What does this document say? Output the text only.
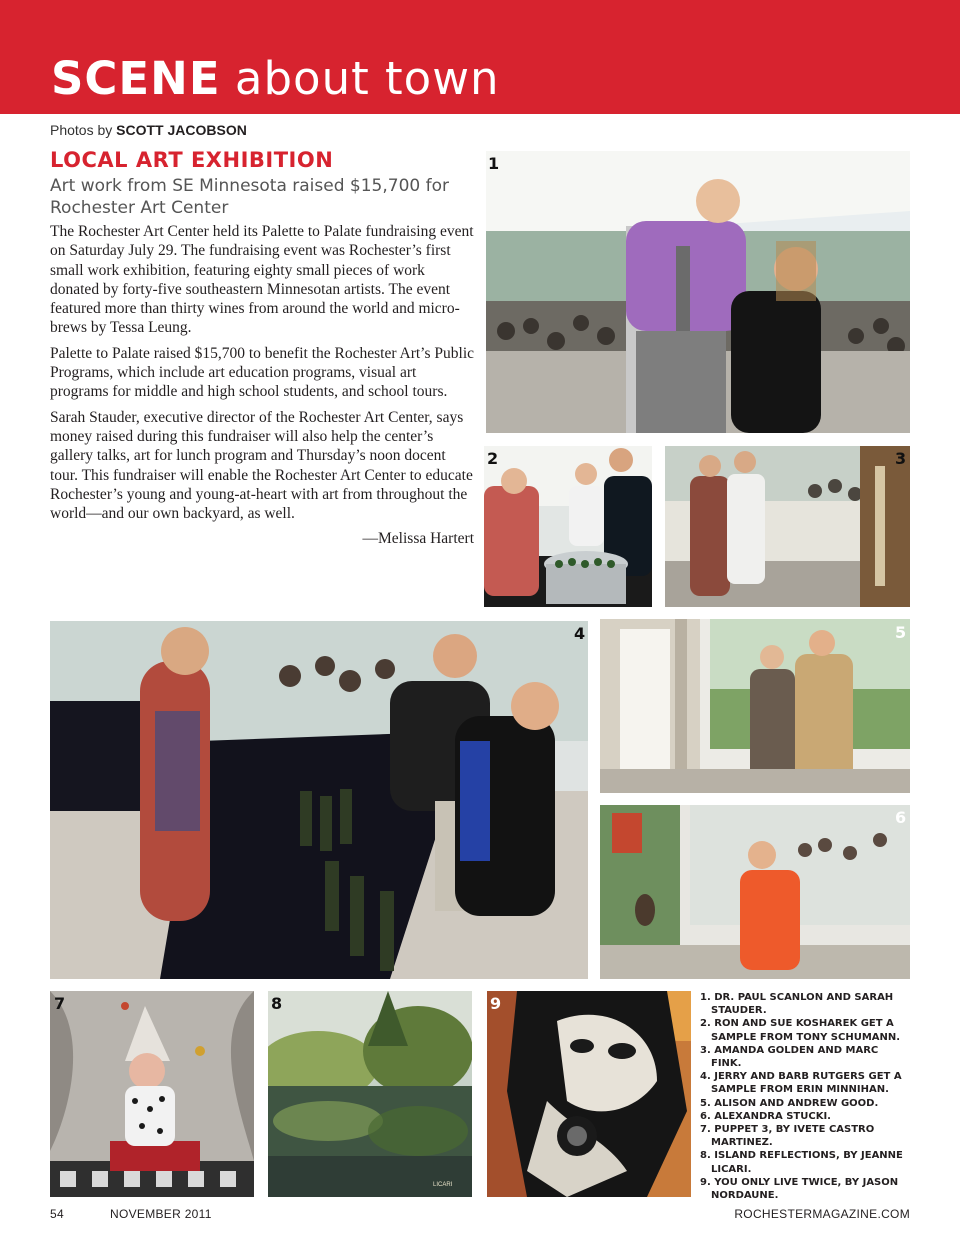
SCENE about town
Photos by SCOTT JACOBSON
LOCAL ART EXHIBITION
Art work from SE Minnesota raised $15,700 for Rochester Art Center

The Rochester Art Center held its Palette to Palate fundraising event on Saturday July 29. The fundraising event was Rochester’s first small work exhibition, featuring eighty small pieces of work donated by forty-five southeastern Minnesotan artists. The event featured more than thirty wines from around the world and micro-brews by Tessa Leung.

Palette to Palate raised $15,700 to benefit the Rochester Art’s Public Programs, which include art education programs, visual art programs for middle and high school students, and school tours.

Sarah Stauder, executive director of the Rochester Art Center, says money raised during this fundraiser will also help the center’s gallery talks, art for lunch program and Thursday’s noon docent tour. This fundraiser will enable the Rochester Art Center to educate Rochester’s young and young-at-heart with art from throughout the world—and our own backyard, as well.

—Melissa Hartert
1
2	3
4	5
6
7
LICARI
8	9	1. DR. PAUL SCANLON AND SARAH STAUDER.
2. RON AND SUE KOSHAREK GET A SAMPLE FROM TONY SCHUMANN.
3. AMANDA GOLDEN AND MARC FINK.
4. JERRY AND BARB RUTGERS GET A SAMPLE FROM ERIN MINNIHAN.
5. ALISON AND ANDREW GOOD.
6. ALEXANDRA STUCKI.
7. PUPPET 3, BY IVETE CASTRO MARTINEZ.
8. ISLAND REFLECTIONS, BY JEANNE LICARI.
9. YOU ONLY LIVE TWICE, BY JASON NORDAUNE.
54	NOVEMBER 2011	ROCHESTERMAGAZINE.COM
